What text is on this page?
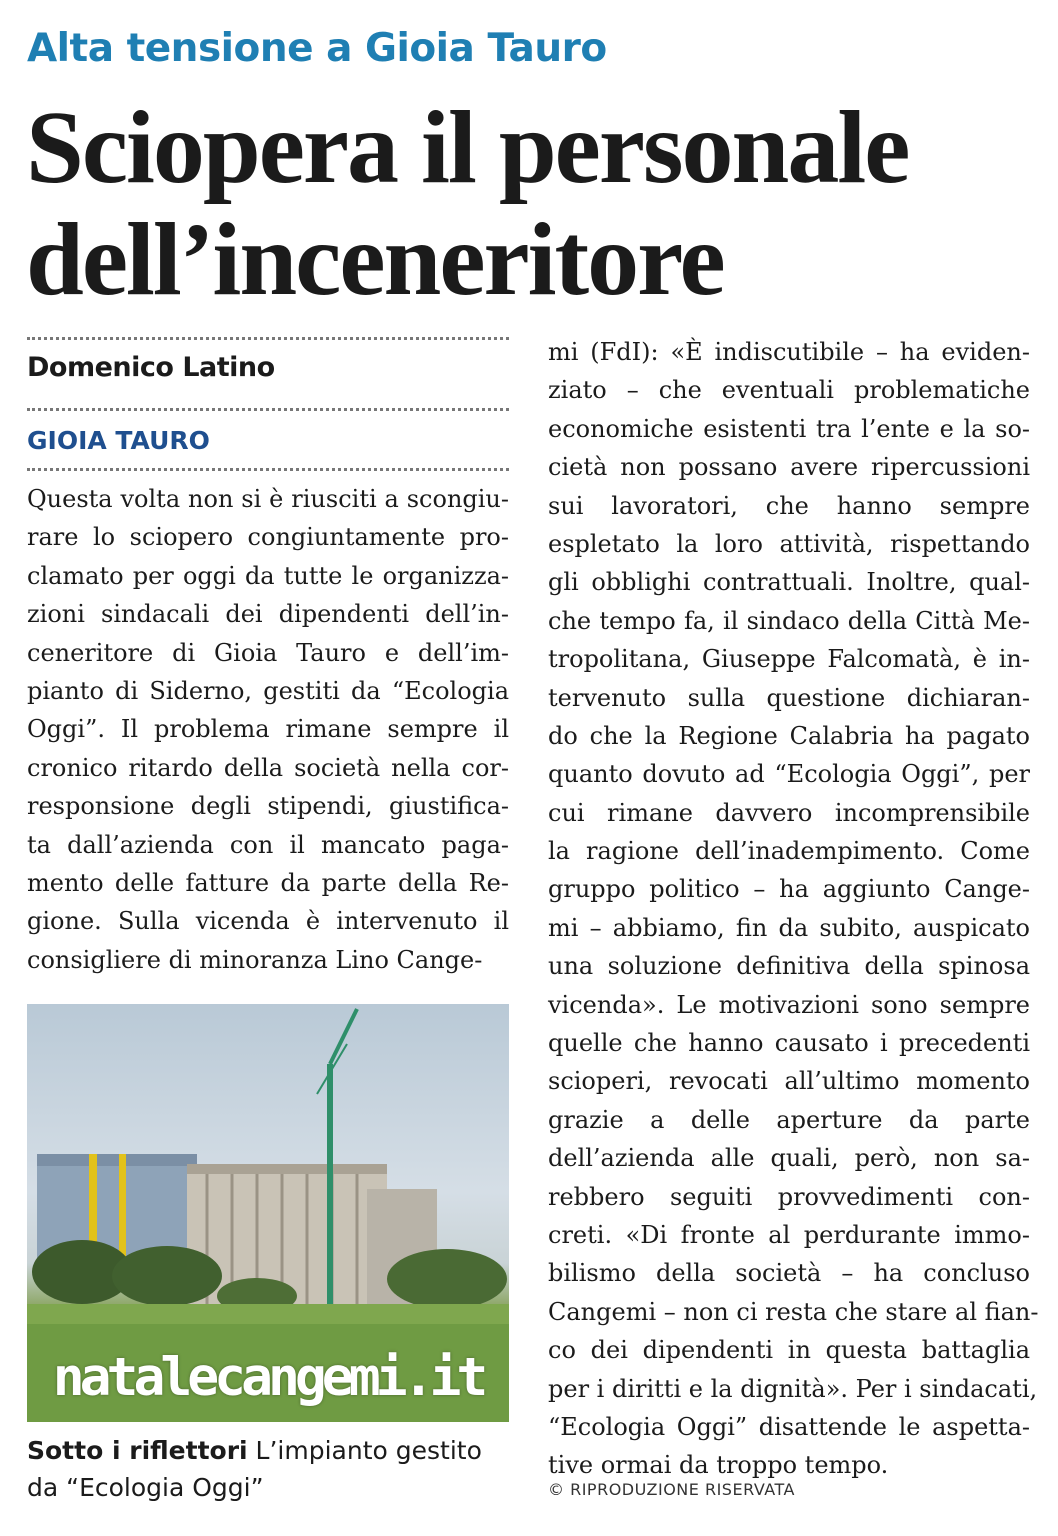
Alta tensione a Gioia Tauro
Sciopera il personale
dell’inceneritore
Domenico Latino
GIOIA TAURO
Questa volta non si è riusciti a scongiu-
rare lo sciopero congiuntamente pro-
clamato per oggi da tutte le organizza-
zioni sindacali dei dipendenti dell’in-
ceneritore di Gioia Tauro e dell’im-
pianto di Siderno, gestiti da “Ecologia
Oggi”. Il problema rimane sempre il
cronico ritardo della società nella cor-
responsione degli stipendi, giustifica-
ta dall’azienda con il mancato paga-
mento delle fatture da parte della Re-
gione. Sulla vicenda è intervenuto il
consigliere di minoranza Lino Cange-
natalecangemi.it
Sotto i riflettori L’impianto gestito da “Ecologia Oggi”
mi (FdI): «È indiscutibile – ha eviden-
ziato – che eventuali problematiche
economiche esistenti tra l’ente e la so-
cietà non possano avere ripercussioni
sui lavoratori, che hanno sempre
espletato la loro attività, rispettando
gli obblighi contrattuali. Inoltre, qual-
che tempo fa, il sindaco della Città Me-
tropolitana, Giuseppe Falcomatà, è in-
tervenuto sulla questione dichiaran-
do che la Regione Calabria ha pagato
quanto dovuto ad “Ecologia Oggi”, per
cui rimane davvero incomprensibile
la ragione dell’inadempimento. Come
gruppo politico – ha aggiunto Cange-
mi – abbiamo, fin da subito, auspicato
una soluzione definitiva della spinosa
vicenda». Le motivazioni sono sempre
quelle che hanno causato i precedenti
scioperi, revocati all’ultimo momento
grazie a delle aperture da parte
dell’azienda alle quali, però, non sa-
rebbero seguiti provvedimenti con-
creti. «Di fronte al perdurante immo-
bilismo della società – ha concluso
Cangemi – non ci resta che stare al fian-
co dei dipendenti in questa battaglia
per i diritti e la dignità». Per i sindacati,
“Ecologia Oggi” disattende le aspetta-
tive ormai da troppo tempo.
© RIPRODUZIONE RISERVATA
